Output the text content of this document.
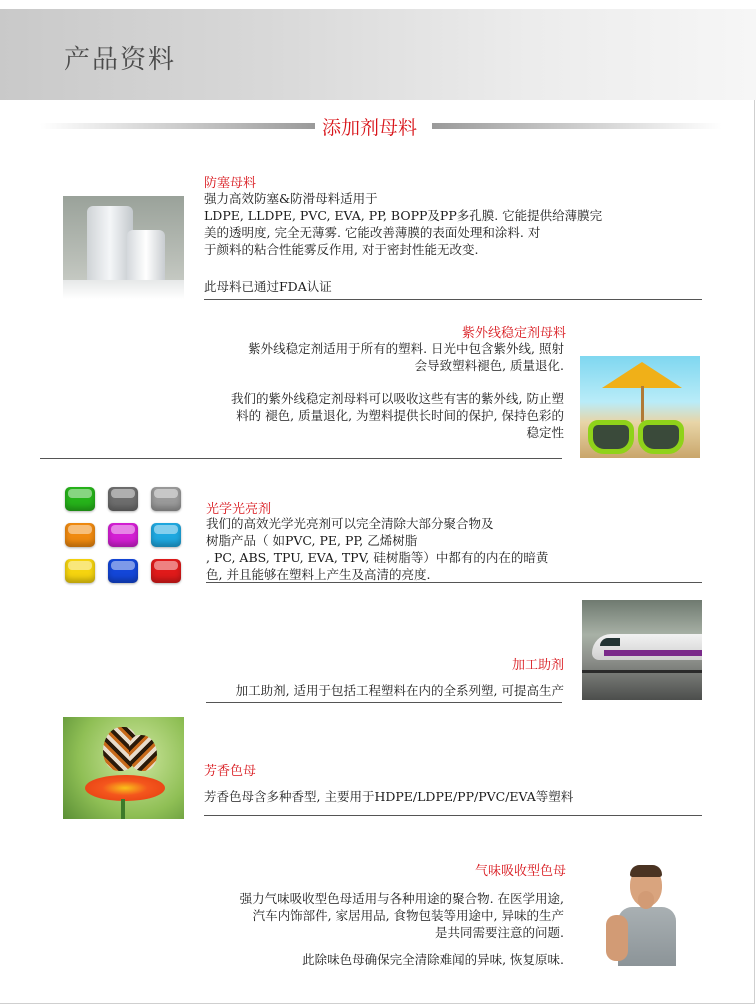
产品资料
添加剂母料
防塞母料
强力高效防塞&防滑母料适用于
LDPE, LLDPE, PVC, EVA, PP, BOPP及PP多孔膜. 它能提供给薄膜完
美的透明度, 完全无薄雾. 它能改善薄膜的表面处理和涂料. 对
于颜料的粘合性能雾反作用, 对于密封性能无改变.
此母料已通过FDA认证
紫外线稳定剂母料
紫外线稳定剂适用于所有的塑料. 日光中包含紫外线, 照射
会导致塑料褪色, 质量退化.
我们的紫外线稳定剂母料可以吸收这些有害的紫外线, 防止塑
料的 褪色, 质量退化, 为塑料提供长时间的保护, 保持色彩的
稳定性
光学光亮剂
我们的高效光学光亮剂可以完全清除大部分聚合物及
树脂产品（ 如PVC, PE, PP, 乙烯树脂
, PC, ABS, TPU, EVA, TPV, 硅树脂等）中都有的内在的暗黄
色, 并且能够在塑料上产生及高清的亮度.
加工助剂
加工助剂, 适用于包括工程塑料在内的全系列塑, 可提高生产
芳香色母
芳香色母含多种香型, 主要用于HDPE/LDPE/PP/PVC/EVA等塑料
气味吸收型色母
强力气味吸收型色母适用与各种用途的聚合物. 在医学用途,
汽车内饰部件, 家居用品, 食物包装等用途中, 异味的生产
是共同需要注意的问题.
此除味色母确保完全清除难闻的异味, 恢复原味.
